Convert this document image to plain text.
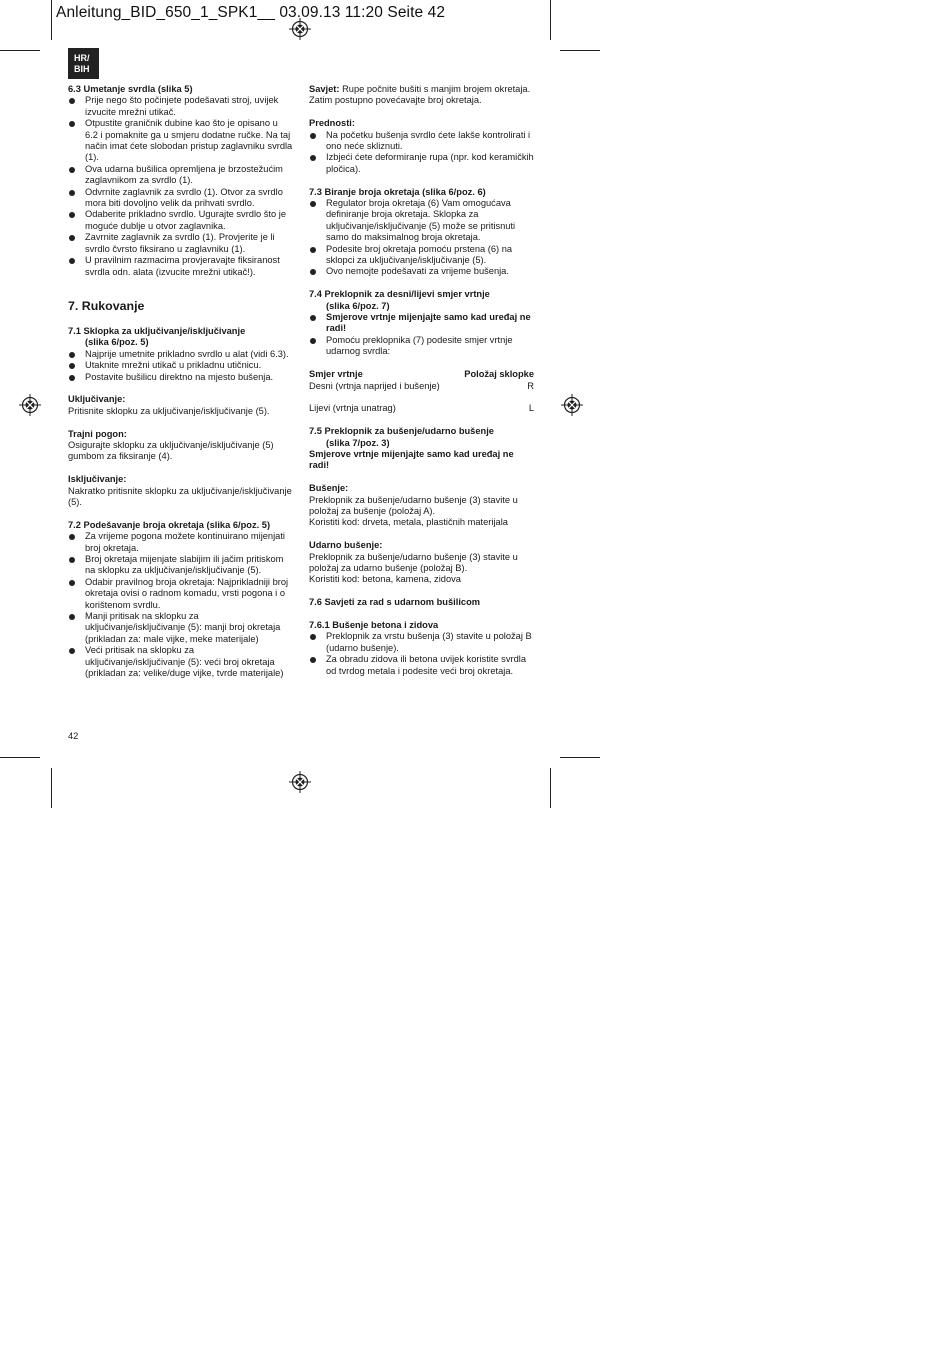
Anleitung_BID_650_1_SPK1__ 03.09.13 11:20 Seite 42
HR/
BIH

6.3 Umetanje svrdla (slika 5)

Prije nego što počinjete podešavati stroj, uvijek izvucite mrežni utikač.
Otpustite graničnik dubine kao što je opisano u 6.2 i pomaknite ga u smjeru dodatne ručke. Na taj način imat ćete slobodan pristup zaglavniku svrdla (1).
Ova udarna bušilica opremljena je brzostežućim zaglavnikom za svrdlo (1).
Odvrnite zaglavnik za svrdlo (1). Otvor za svrdlo mora biti dovoljno velik da prihvati svrdlo.
Odaberite prikladno svrdlo. Ugurajte svrdlo što je moguće dublje u otvor zaglavnika.
Zavrnite zaglavnik za svrdlo (1). Provjerite je li svrdlo čvrsto fiksirano u zaglavniku (1).
U pravilnim razmacima provjeravajte fiksiranost svrdla odn. alata (izvucite mrežni utikač!).

7. Rukovanje

7.1 Sklopka za uključivanje/isključivanje

(slika 6/poz. 5)

Najprije umetnite prikladno svrdlo u alat (vidi 6.3).
Utaknite mrežni utikač u prikladnu utičnicu.
Postavite bušilicu direktno na mjesto bušenja.

Uključivanje:

Pritisnite sklopku za uključivanje/isključivanje (5).

Trajni pogon:

Osigurajte sklopku za uključivanje/isključivanje (5) gumbom za fiksiranje (4).

Isključivanje:

Nakratko pritisnite sklopku za uključivanje/isključivanje (5).

7.2 Podešavanje broja okretaja (slika 6/poz. 5)

Za vrijeme pogona možete kontinuirano mijenjati broj okretaja.
Broj okretaja mijenjate slabijim ili jačim pritiskom na sklopku za uključivanje/isključivanje (5).
Odabir pravilnog broja okretaja: Najprikladniji broj okretaja ovisi o radnom komadu, vrsti pogona i o korištenom svrdlu.
Manji pritisak na sklopku za uključivanje/isključivanje (5): manji broj okretaja (prikladan za: male vijke, meke materijale)
Veći pritisak na sklopku za uključivanje/isključivanje (5): veći broj okretaja (prikladan za: velike/duge vijke, tvrde materijale)

Savjet: Rupe počnite bušiti s manjim brojem okretaja. Zatim postupno povećavajte broj okretaja.

Prednosti:

Na početku bušenja svrdlo ćete lakše kontrolirati i ono neće skliznuti.
Izbjeći ćete deformiranje rupa (npr. kod keramičkih pločica).

7.3 Biranje broja okretaja (slika 6/poz. 6)

Regulator broja okretaja (6) Vam omogućava definiranje broja okretaja. Sklopka za uključivanje/isključivanje (5) može se pritisnuti samo do maksimalnog broja okretaja.
Podesite broj okretaja pomoću prstena (6) na sklopci za uključivanje/isključivanje (5).
Ovo nemojte podešavati za vrijeme bušenja.

7.4 Preklopnik za desni/lijevi smjer vrtnje

(slika 6/poz. 7)

Smjerove vrtnje mijenjajte samo kad uređaj ne radi!
Pomoću preklopnika (7) podesite smjer vrtnje udarnog svrdla:
Smjer vrtnje	Položaj sklopke
Desni (vrtnja naprijed i bušenje)	R
Lijevi (vrtnja unatrag)	L

7.5 Preklopnik za bušenje/udarno bušenje

(slika 7/poz. 3)

Smjerove vrtnje mijenjajte samo kad uređaj ne radi!

Bušenje:

Preklopnik za bušenje/udarno bušenje (3) stavite u položaj za bušenje (položaj A).

Koristiti kod: drveta, metala, plastičnih materijala

Udarno bušenje:

Preklopnik za bušenje/udarno bušenje (3) stavite u položaj za udarno bušenje (položaj B).

Koristiti kod: betona, kamena, zidova

7.6 Savjeti za rad s udarnom bušilicom

7.6.1 Bušenje betona i zidova

Preklopnik za vrstu bušenja (3) stavite u položaj B (udarno bušenje).
Za obradu zidova ili betona uvijek koristite svrdla od tvrdog metala i podesite veći broj okretaja.
42
